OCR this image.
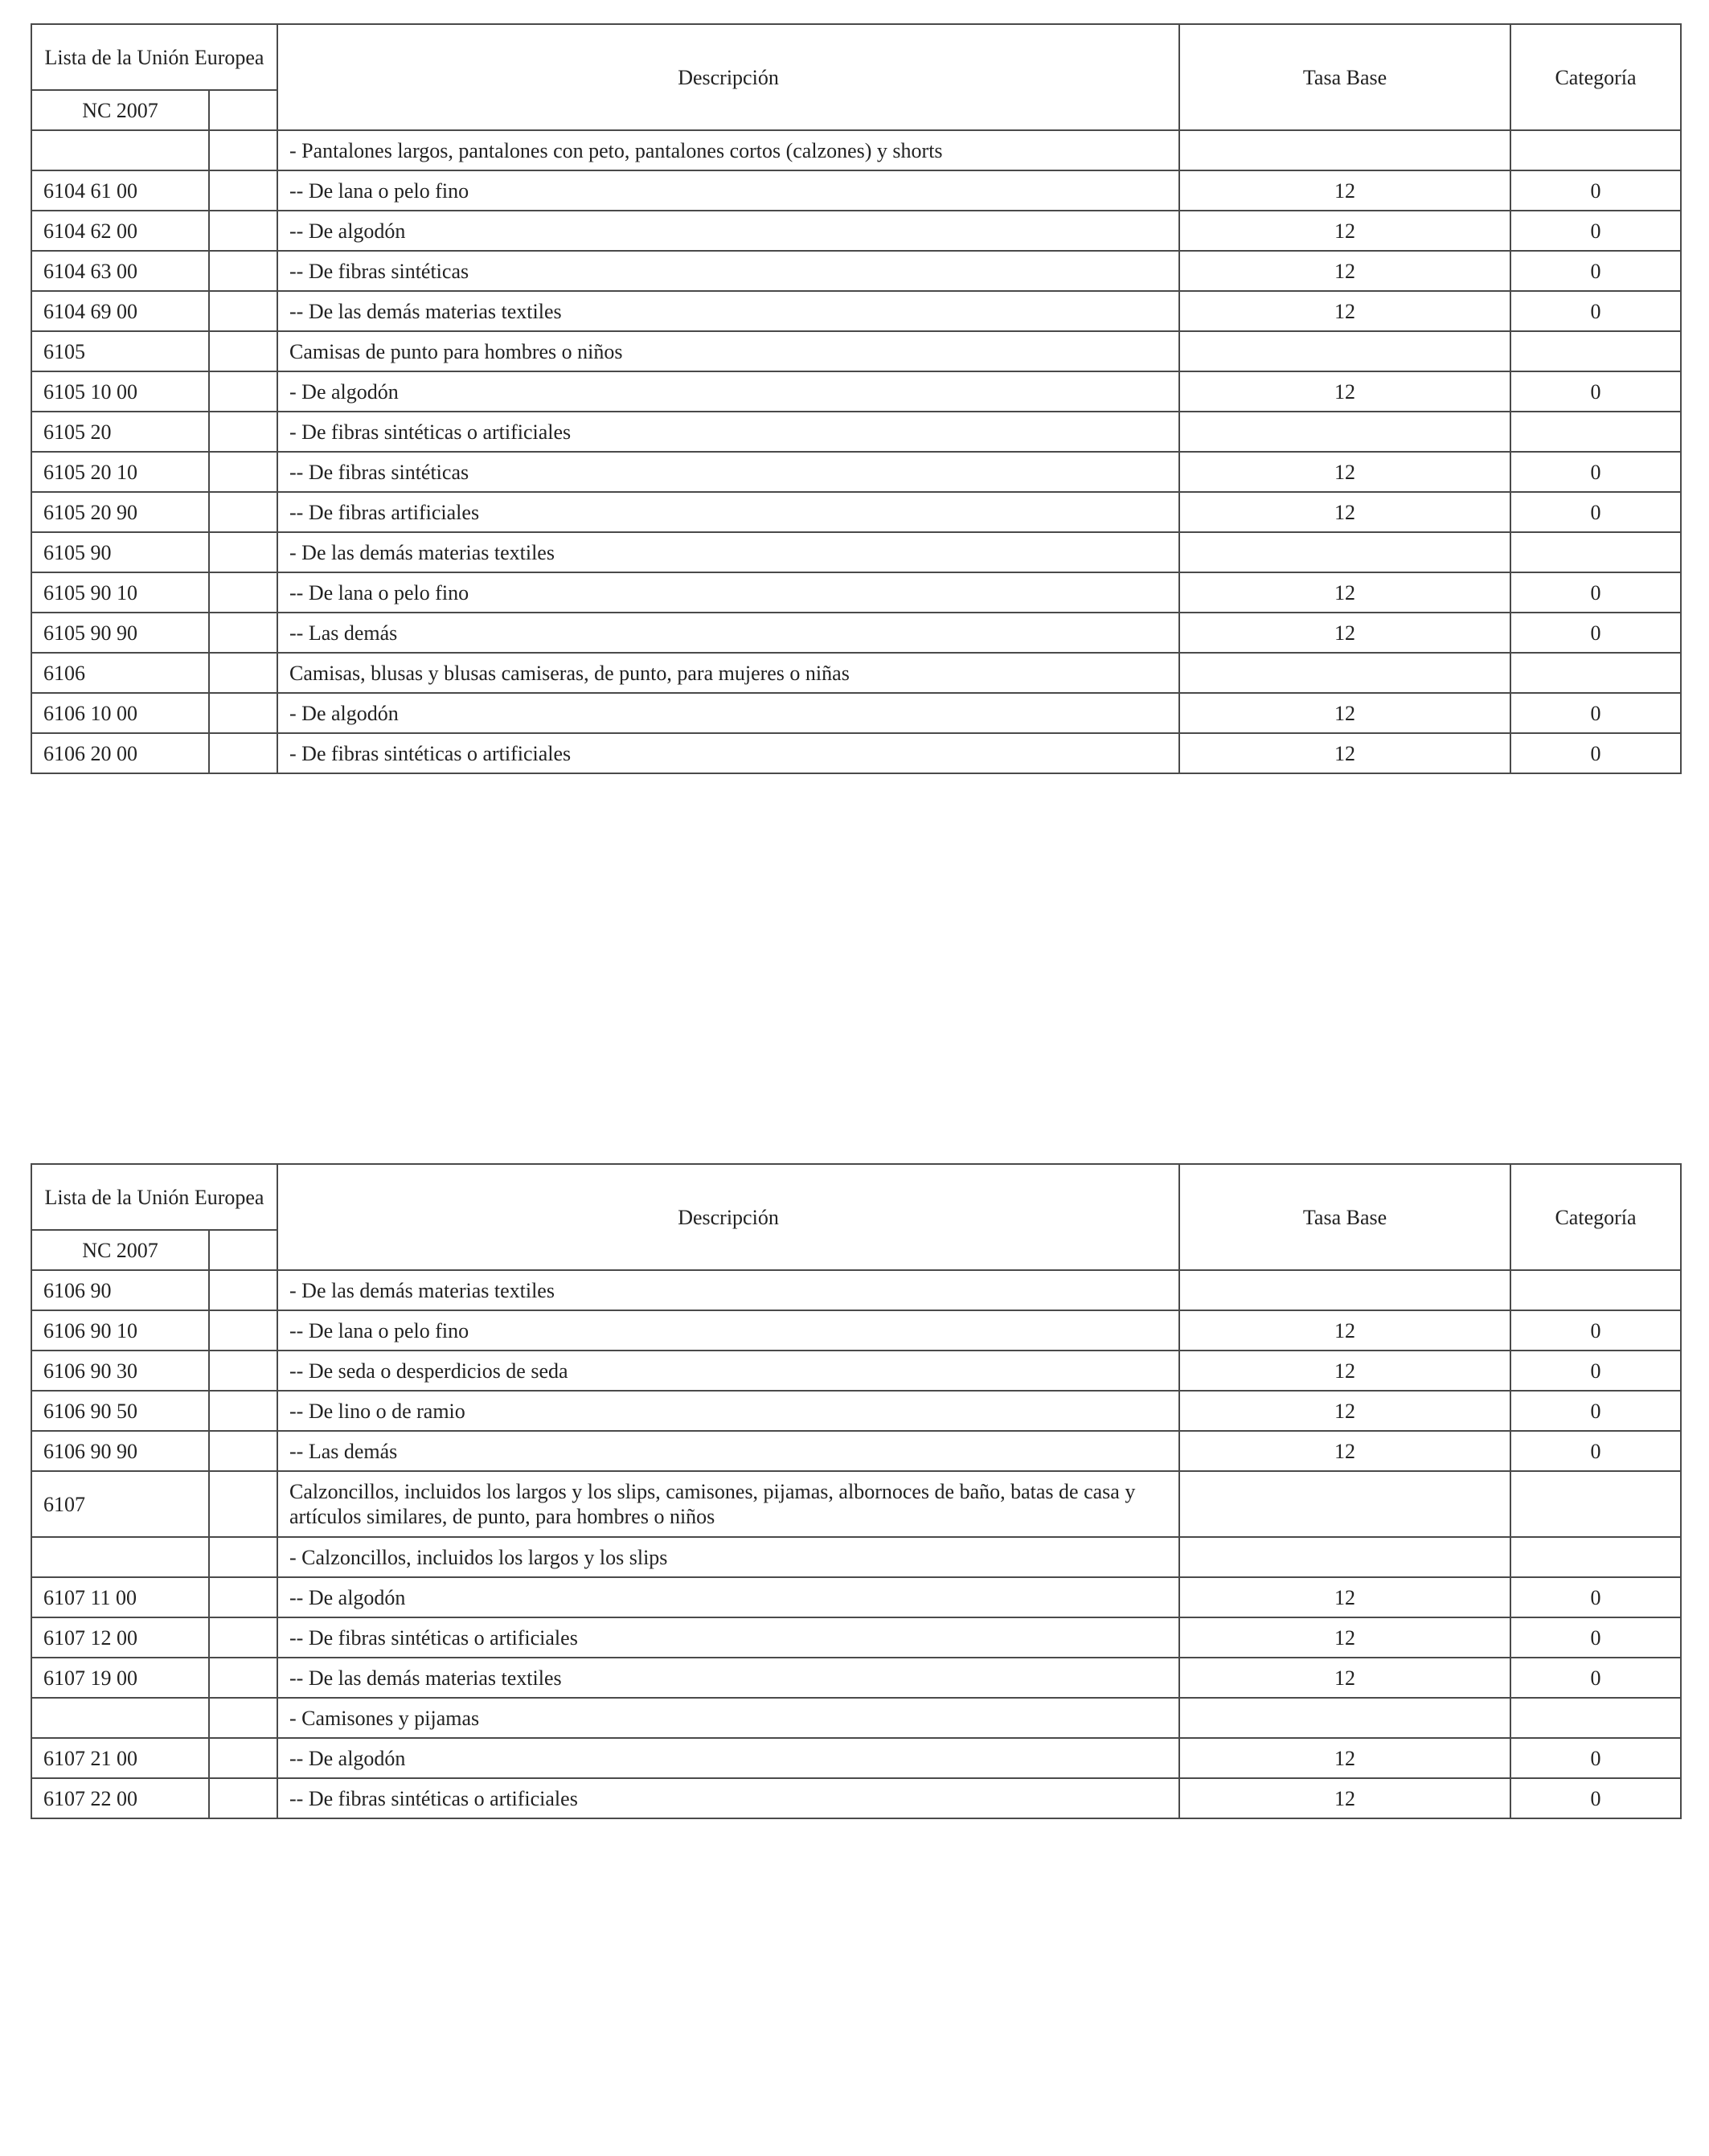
Lista de la Unión Europea		Descripción	Tasa Base	Categoría
NC 2007				
		- Pantalones largos, pantalones con peto, pantalones cortos (calzones) y shorts		
6104 61 00		-- De lana o pelo fino	12	0
6104 62 00		-- De algodón	12	0
6104 63 00		-- De fibras sintéticas	12	0
6104 69 00		-- De las demás materias textiles	12	0
6105		Camisas de punto para hombres o niños		
6105 10 00		- De algodón	12	0
6105 20		- De fibras sintéticas o artificiales		
6105 20 10		-- De fibras sintéticas	12	0
6105 20 90		-- De fibras artificiales	12	0
6105 90		- De las demás materias textiles		
6105 90 10		-- De lana o pelo fino	12	0
6105 90 90		-- Las demás	12	0
6106		Camisas, blusas y blusas camiseras, de punto, para mujeres o niñas		
6106 10 00		- De algodón	12	0
6106 20 00		- De fibras sintéticas o artificiales	12	0
Lista de la Unión Europea		Descripción	Tasa Base	Categoría
NC 2007				
6106 90		- De las demás materias textiles		
6106 90 10		-- De lana o pelo fino	12	0
6106 90 30		-- De seda o desperdicios de seda	12	0
6106 90 50		-- De lino o de ramio	12	0
6106 90 90		-- Las demás	12	0
6107		Calzoncillos, incluidos los largos y los slips, camisones, pijamas, albornoces de baño, batas de casa y artículos similares, de punto, para hombres o niños		
		- Calzoncillos, incluidos los largos y los slips		
6107 11 00		-- De algodón	12	0
6107 12 00		-- De fibras sintéticas o artificiales	12	0
6107 19 00		-- De las demás materias textiles	12	0
		- Camisones y pijamas		
6107 21 00		-- De algodón	12	0
6107 22 00		-- De fibras sintéticas o artificiales	12	0
